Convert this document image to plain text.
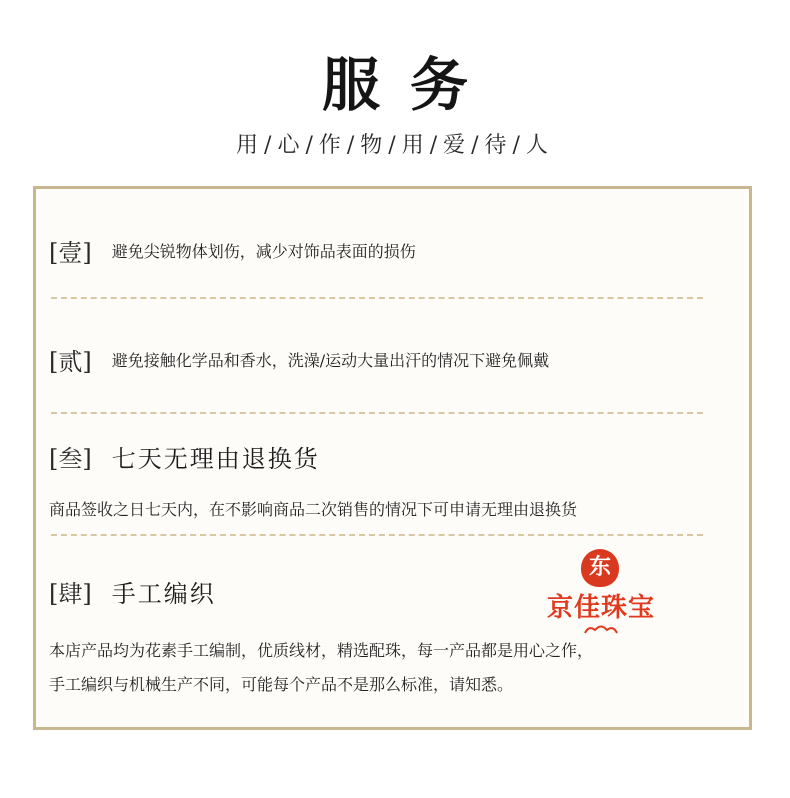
服务
用/心/作/物/用/爱/待/人
[壹] 避免尖锐物体划伤，减少对饰品表面的损伤
[贰] 避免接触化学品和香水，洗澡/运动大量出汗的情况下避免佩戴
[叁] 七天无理由退换货
商品签收之日七天内，在不影响商品二次销售的情况下可申请无理由退换货
[肆] 手工编织
本店产品均为花素手工编制，优质线材，精选配珠，每一产品都是用心之作，
手工编织与机械生产不同，可能每个产品不是那么标准，请知悉。
东
京佳珠宝
